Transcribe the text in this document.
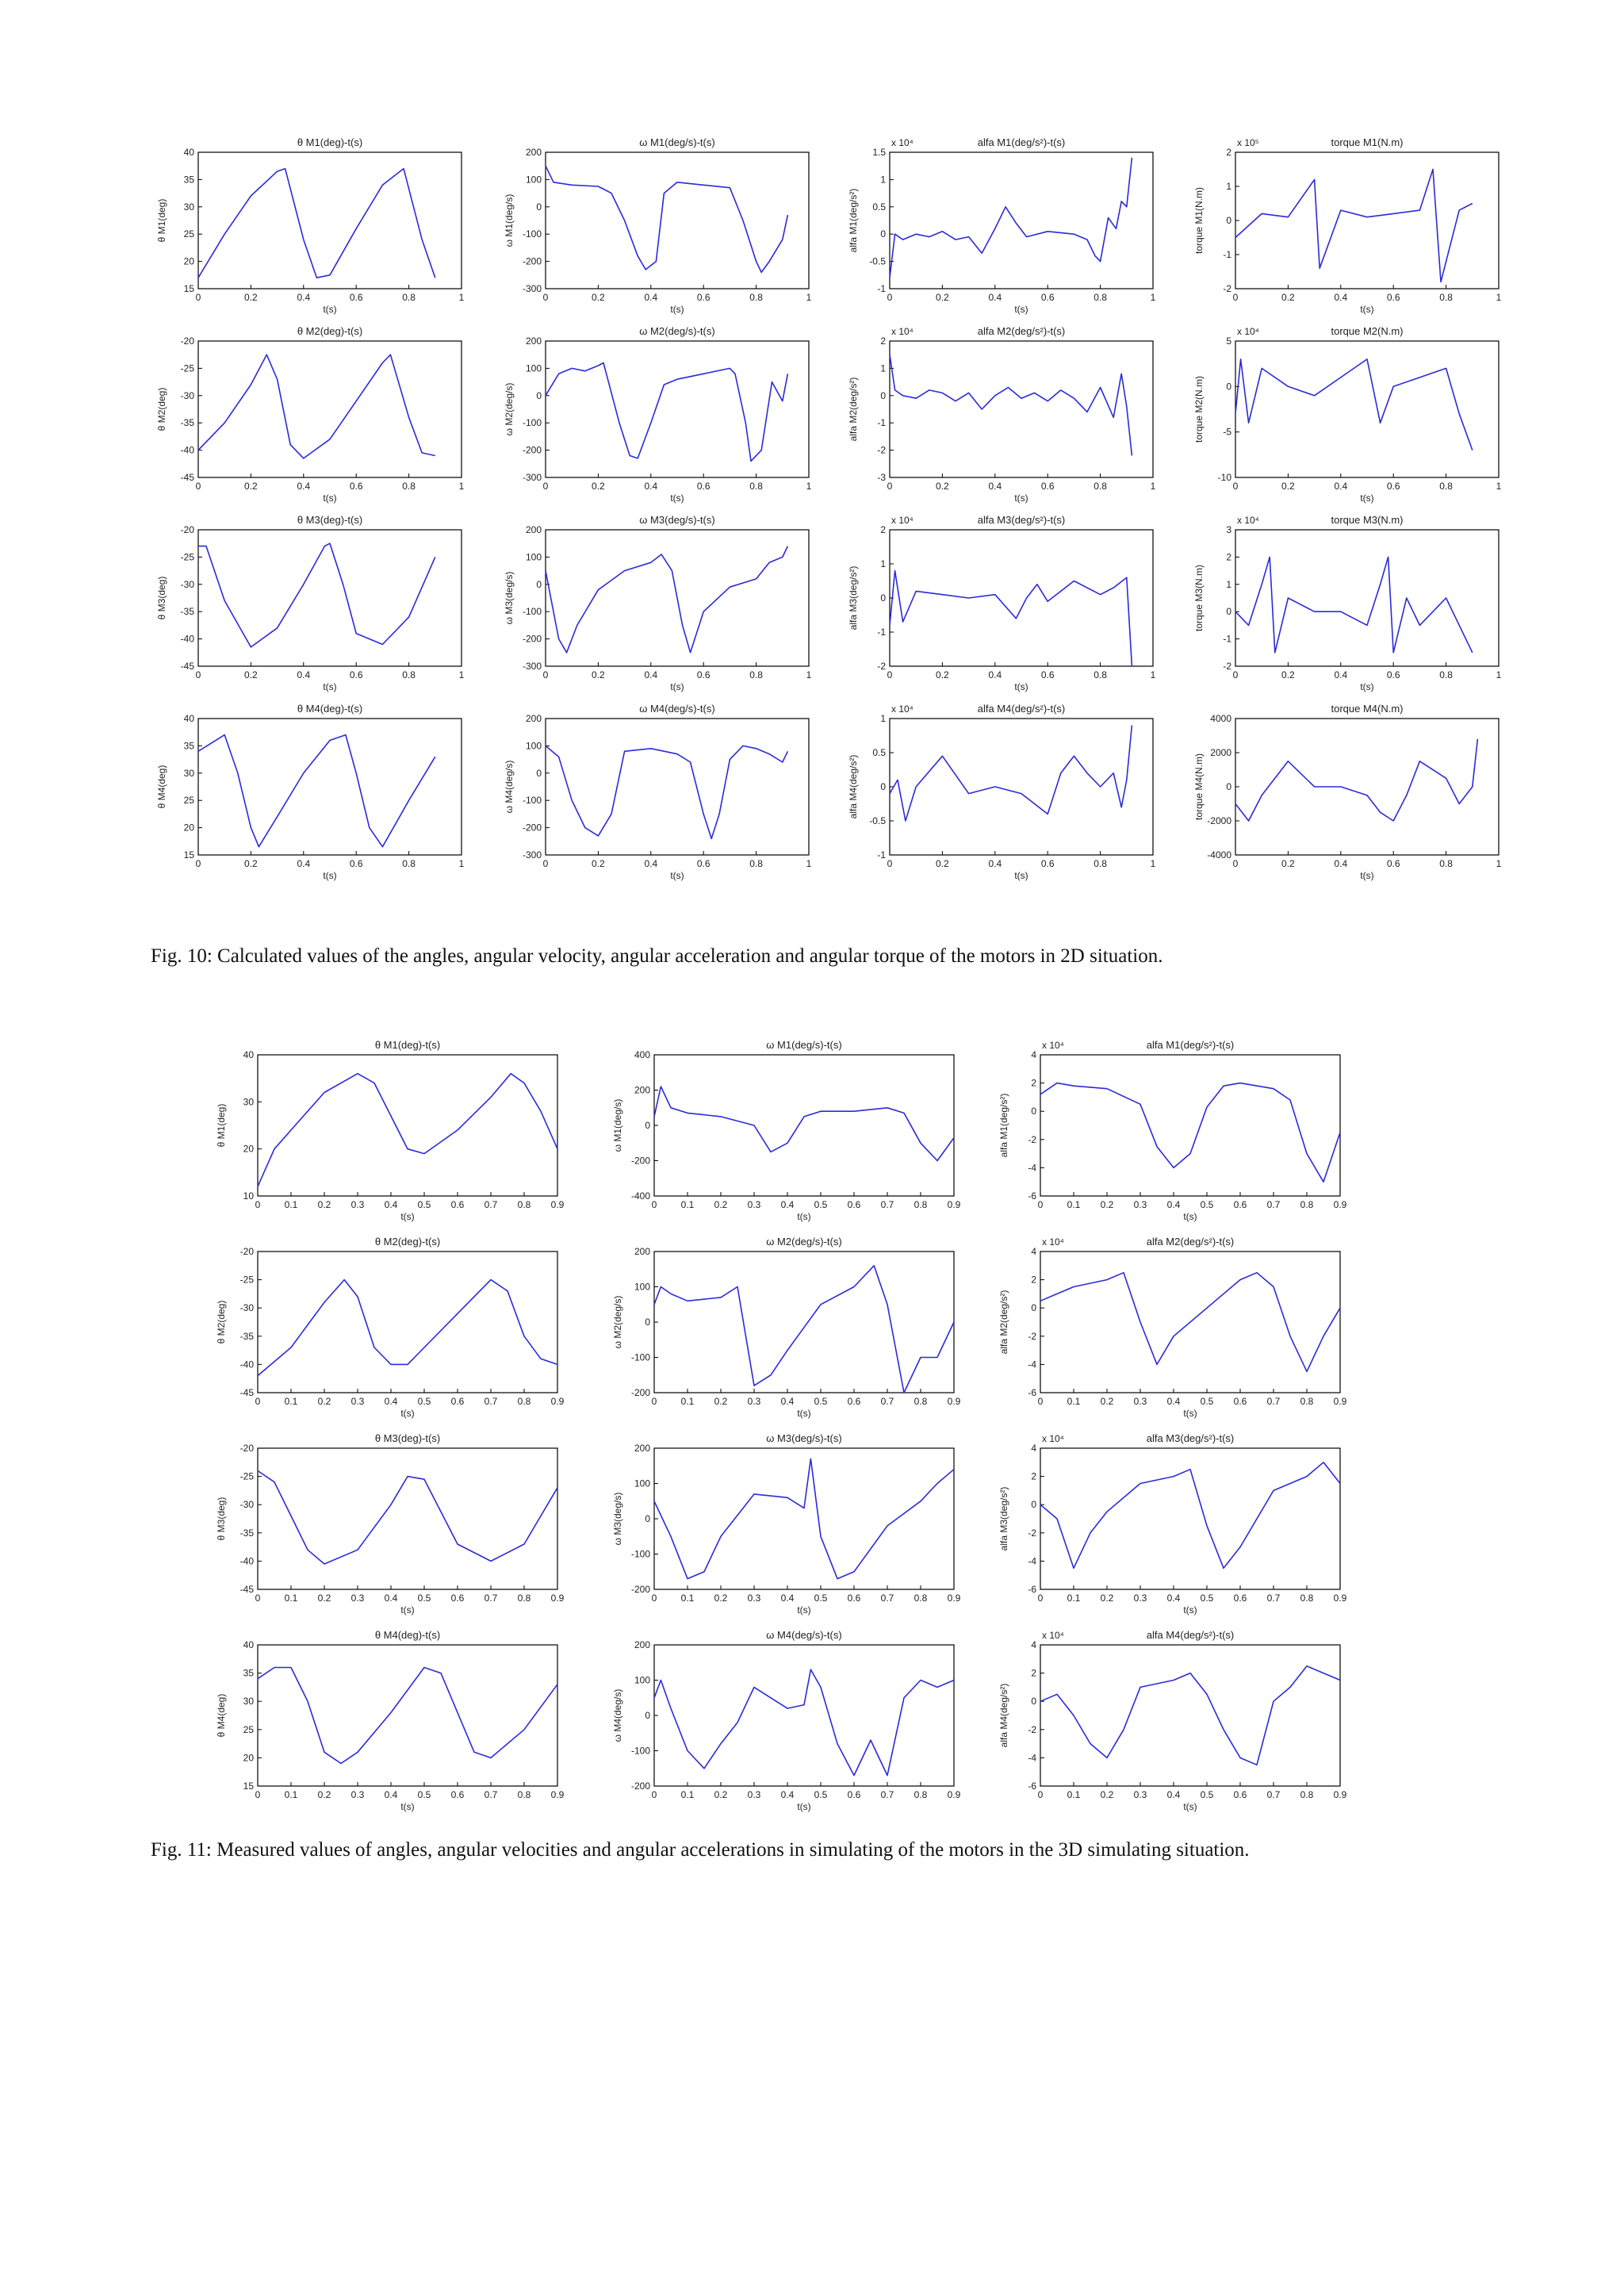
θ M1(deg)-t(s)
0	0.2	0.4	0.6	0.8	1
15
20
25
30
35
40
t(s)
θ M1(deg)
ω M1(deg/s)-t(s)
0	0.2	0.4	0.6	0.8	1
-300
-200
-100
0
100
200
t(s)
ω M1(deg/s)
alfa M1(deg/s²)-t(s)
x 10⁴
0	0.2	0.4	0.6	0.8	1
-1
-0.5
0
0.5
1
1.5
t(s)
alfa M1(deg/s²)
torque M1(N.m)
x 10⁵
0	0.2	0.4	0.6	0.8	1
-2
-1
0
1
2
t(s)
torque M1(N.m)
θ M2(deg)-t(s)
0	0.2	0.4	0.6	0.8	1
-45
-40
-35
-30
-25
-20
t(s)
θ M2(deg)
ω M2(deg/s)-t(s)
0	0.2	0.4	0.6	0.8	1
-300
-200
-100
0
100
200
t(s)
ω M2(deg/s)
alfa M2(deg/s²)-t(s)
x 10⁴
0	0.2	0.4	0.6	0.8	1
-3
-2
-1
0
1
2
t(s)
alfa M2(deg/s²)
torque M2(N.m)
x 10⁴
0	0.2	0.4	0.6	0.8	1
-10
-5
0
5
t(s)
torque M2(N.m)
θ M3(deg)-t(s)
0	0.2	0.4	0.6	0.8	1
-45
-40
-35
-30
-25
-20
t(s)
θ M3(deg)
ω M3(deg/s)-t(s)
0	0.2	0.4	0.6	0.8	1
-300
-200
-100
0
100
200
t(s)
ω M3(deg/s)
alfa M3(deg/s²)-t(s)
x 10⁴
0	0.2	0.4	0.6	0.8	1
-2
-1
0
1
2
t(s)
alfa M3(deg/s²)
torque M3(N.m)
x 10⁴
0	0.2	0.4	0.6	0.8	1
-2
-1
0
1
2
3
t(s)
torque M3(N.m)
θ M4(deg)-t(s)
0	0.2	0.4	0.6	0.8	1
15
20
25
30
35
40
t(s)
θ M4(deg)
ω M4(deg/s)-t(s)
0	0.2	0.4	0.6	0.8	1
-300
-200
-100
0
100
200
t(s)
ω M4(deg/s)
alfa M4(deg/s²)-t(s)
x 10⁴
0	0.2	0.4	0.6	0.8	1
-1
-0.5
0
0.5
1
t(s)
alfa M4(deg/s²)
torque M4(N.m)
0	0.2	0.4	0.6	0.8	1
-4000
-2000
0
2000
4000
t(s)
torque M4(N.m)
Fig. 10: Calculated values of the angles, angular velocity, angular acceleration and angular torque of the motors in 2D situation.
θ M1(deg)-t(s)
0	0.1 0.2 0.3 0.4 0.5 0.6 0.7 0.8 0.9
10
20
30
40
t(s)
θ M1(deg)
ω M1(deg/s)-t(s)
0	0.1 0.2 0.3 0.4 0.5 0.6 0.7 0.8 0.9
-400
-200
0
200
400
t(s)
ω M1(deg/s)
alfa M1(deg/s²)-t(s)
x 10⁴
0	0.1 0.2 0.3 0.4 0.5 0.6 0.7 0.8 0.9
-6
-4
-2
0
2
4
t(s)
alfa M1(deg/s²)
θ M2(deg)-t(s)
0	0.1 0.2 0.3 0.4 0.5 0.6 0.7 0.8 0.9
-45
-40
-35
-30
-25
-20
t(s)
θ M2(deg)
ω M2(deg/s)-t(s)
0	0.1 0.2 0.3 0.4 0.5 0.6 0.7 0.8 0.9
-200
-100
0
100
200
t(s)
ω M2(deg/s)
alfa M2(deg/s²)-t(s)
x 10⁴
0	0.1 0.2 0.3 0.4 0.5 0.6 0.7 0.8 0.9
-6
-4
-2
0
2
4
t(s)
alfa M2(deg/s²)
θ M3(deg)-t(s)
0	0.1 0.2 0.3 0.4 0.5 0.6 0.7 0.8 0.9
-45
-40
-35
-30
-25
-20
t(s)
θ M3(deg)
ω M3(deg/s)-t(s)
0	0.1 0.2 0.3 0.4 0.5 0.6 0.7 0.8 0.9
-200
-100
0
100
200
t(s)
ω M3(deg/s)
alfa M3(deg/s²)-t(s)
x 10⁴
0	0.1 0.2 0.3 0.4 0.5 0.6 0.7 0.8 0.9
-6
-4
-2
0
2
4
t(s)
alfa M3(deg/s²)
θ M4(deg)-t(s)
0	0.1 0.2 0.3 0.4 0.5 0.6 0.7 0.8 0.9
15
20
25
30
35
40
t(s)
θ M4(deg)
ω M4(deg/s)-t(s)
0	0.1 0.2 0.3 0.4 0.5 0.6 0.7 0.8 0.9
-200
-100
0
100
200
t(s)
ω M4(deg/s)
alfa M4(deg/s²)-t(s)
x 10⁴
0	0.1 0.2 0.3 0.4 0.5 0.6 0.7 0.8 0.9
-6
-4
-2
0
2
4
t(s)
alfa M4(deg/s²)
Fig. 11: Measured values of angles, angular velocities and angular accelerations in simulating of the motors in the 3D simulating situation.
